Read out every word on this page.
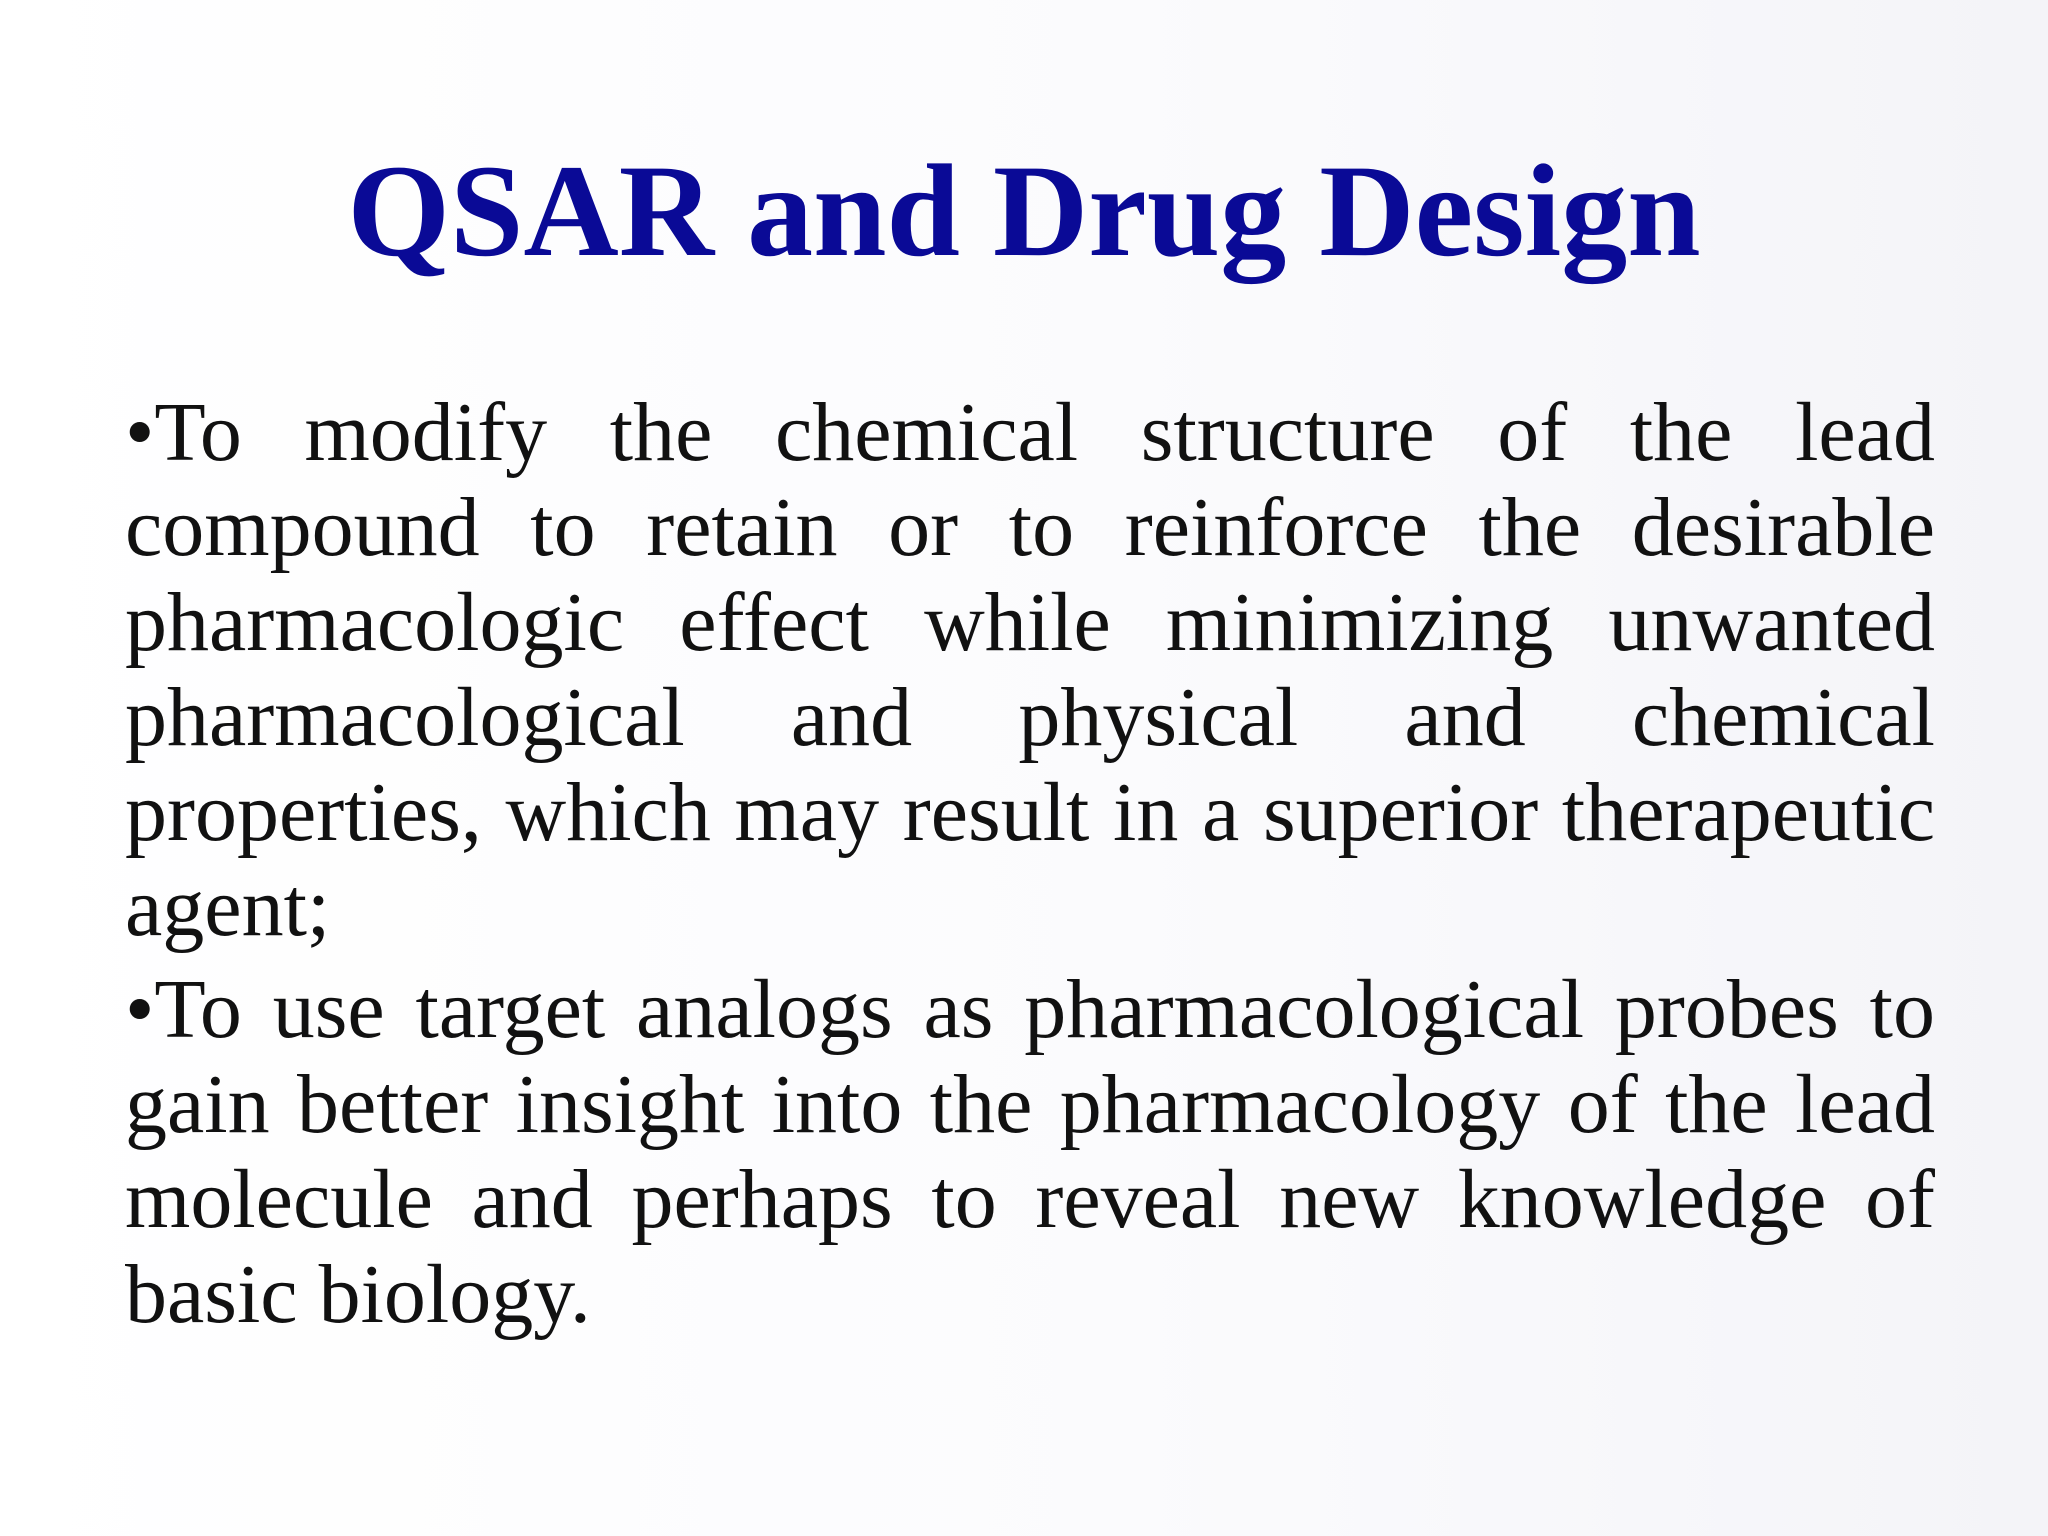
QSAR and Drug Design

•To modify the chemical structure of the lead compound to retain or to reinforce the desirable pharmacologic effect while minimizing unwanted pharmacological and physical and chemical properties, which may result in a superior therapeutic agent;

•To use target analogs as pharmacological probes to gain better insight into the pharmacology of the lead molecule and perhaps to reveal new knowledge of basic biology.
